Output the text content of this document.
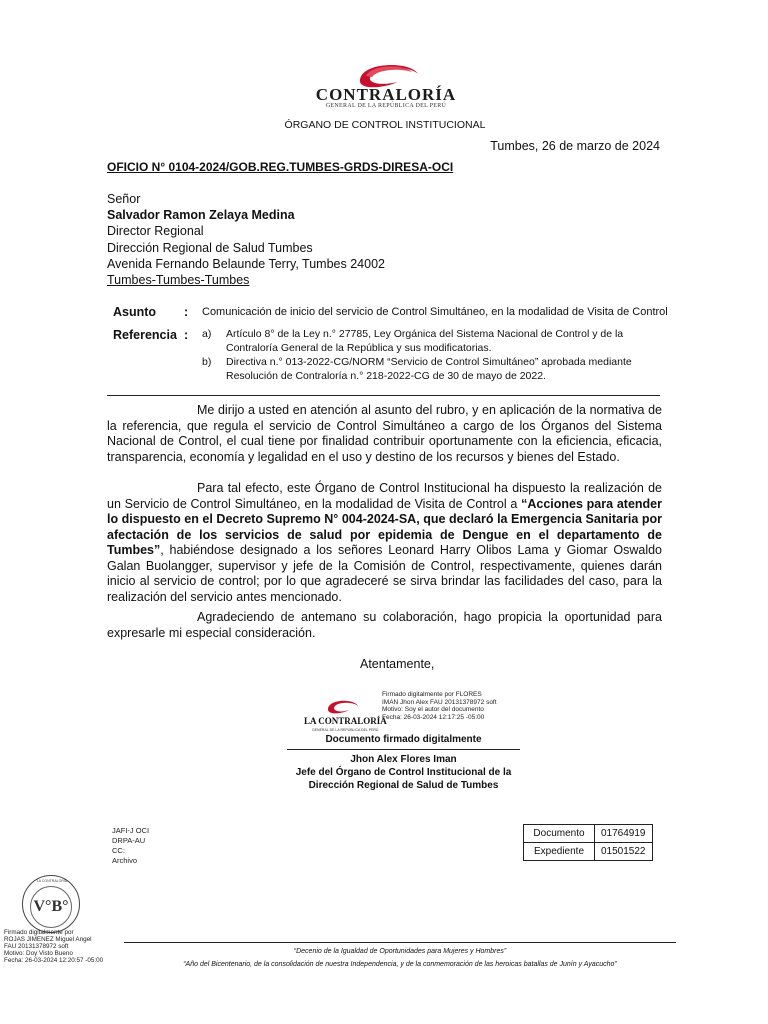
CONTRALORÍA
GENERAL DE LA REPÚBLICA DEL PERÚ
ÓRGANO DE CONTROL INSTITUCIONAL
Tumbes, 26 de marzo de 2024
OFICIO N° 0104-2024/GOB.REG.TUMBES-GRDS-DIRESA-OCI
Señor
Salvador Ramon Zelaya Medina
Director Regional
Dirección Regional de Salud Tumbes
Avenida Fernando Belaunde Terry, Tumbes 24002
Tumbes-Tumbes-Tumbes
Asunto : Comunicación de inicio del servicio de Control Simultáneo, en la modalidad de Visita de Control
Referencia : a) Artículo 8° de la Ley n.° 27785, Ley Orgánica del Sistema Nacional de Control y de la Contraloría General de la República y sus modificatorias.
b) Directiva n.° 013-2022-CG/NORM “Servicio de Control Simultáneo” aprobada mediante Resolución de Contraloría n.° 218-2022-CG de 30 de mayo de 2022.
Me dirijo a usted en atención al asunto del rubro, y en aplicación de la normativa de la referencia, que regula el servicio de Control Simultáneo a cargo de los Órganos del Sistema Nacional de Control, el cual tiene por finalidad contribuir oportunamente con la eficiencia, eficacia, transparencia, economía y legalidad en el uso y destino de los recursos y bienes del Estado.
Para tal efecto, este Órgano de Control Institucional ha dispuesto la realización de un Servicio de Control Simultáneo, en la modalidad de Visita de Control a “Acciones para atender lo dispuesto en el Decreto Supremo N° 004-2024-SA, que declaró la Emergencia Sanitaria por afectación de los servicios de salud por epidemia de Dengue en el departamento de Tumbes”, habiéndose designado a los señores Leonard Harry Olibos Lama y Giomar Oswaldo Galan Buolangger, supervisor y jefe de la Comisión de Control, respectivamente, quienes darán inicio al servicio de control; por lo que agradeceré se sirva brindar las facilidades del caso, para la realización del servicio antes mencionado.
Agradeciendo de antemano su colaboración, hago propicia la oportunidad para expresarle mi especial consideración.
Atentamente,
LA CONTRALORÍA
GENERAL DE LA REPÚBLICA DEL PERÚ
Firmado digitalmente por FLORES
IMAN Jhon Alex FAU 20131378972 soft
Motivo: Soy el autor del documento
Fecha: 26-03-2024 12:17:25 -05:00
Documento firmado digitalmente
Jhon Alex Flores Iman
Jefe del Órgano de Control Institucional de la
Dirección Regional de Salud de Tumbes
JAFI-J OCI
DRPA-AU
CC:
Archivo
Documento	01764919
Expediente	01501522
LA CONTRALORÍA
V°B°
Firmado digitalmente por
ROJAS JIMENEZ Miguel Angel
FAU 20131378972 soft
Motivo: Doy Visto Bueno
Fecha: 26-03-2024 12:20:57 -05:00
“Decenio de la Igualdad de Oportunidades para Mujeres y Hombres”
“Año del Bicentenario, de la consolidación de nuestra Independencia, y de la conmemoración de las heroicas batallas de Junín y Ayacucho”
